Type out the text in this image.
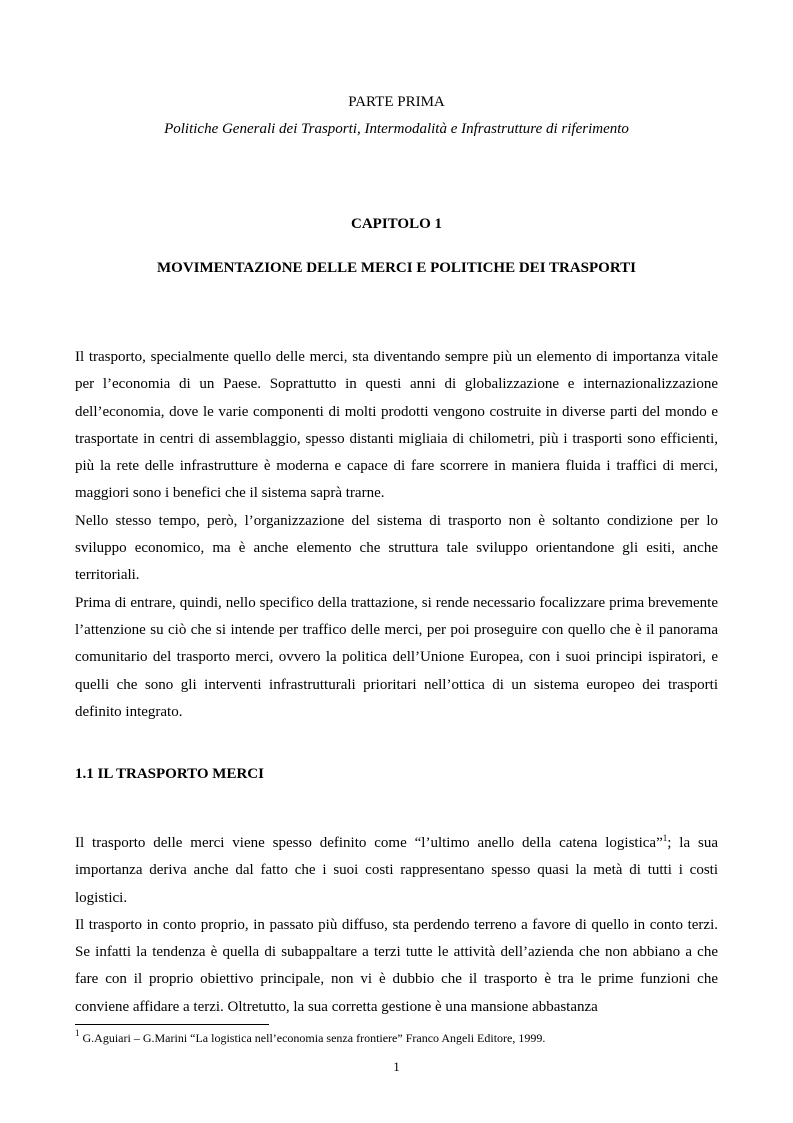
PARTE PRIMA
Politiche Generali dei Trasporti, Intermodalità e Infrastrutture di riferimento
CAPITOLO 1
MOVIMENTAZIONE DELLE MERCI E POLITICHE DEI TRASPORTI

Il trasporto, specialmente quello delle merci, sta diventando sempre più un elemento di importanza vitale per l’economia di un Paese. Soprattutto in questi anni di globalizzazione e internazionalizzazione dell’economia, dove le varie componenti di molti prodotti vengono costruite in diverse parti del mondo e trasportate in centri di assemblaggio, spesso distanti migliaia di chilometri, più i trasporti sono efficienti, più la rete delle infrastrutture è moderna e capace di fare scorrere in maniera fluida i traffici di merci, maggiori sono i benefici che il sistema saprà trarne.

Nello stesso tempo, però, l’organizzazione del sistema di trasporto non è soltanto condizione per lo sviluppo economico, ma è anche elemento che struttura tale sviluppo orientandone gli esiti, anche territoriali.

Prima di entrare, quindi, nello specifico della trattazione, si rende necessario focalizzare prima brevemente l’attenzione su ciò che si intende per traffico delle merci, per poi proseguire con quello che è il panorama comunitario del trasporto merci, ovvero la politica dell’Unione Europea, con i suoi principi ispiratori, e quelli che sono gli interventi infrastrutturali prioritari nell’ottica di un sistema europeo dei trasporti definito integrato.

1.1 IL TRASPORTO MERCI

Il trasporto delle merci viene spesso definito come “l’ultimo anello della catena logistica”$^1$; la sua importanza deriva anche dal fatto che i suoi costi rappresentano spesso quasi la metà di tutti i costi logistici.

Il trasporto in conto proprio, in passato più diffuso, sta perdendo terreno a favore di quello in conto terzi. Se infatti la tendenza è quella di subappaltare a terzi tutte le attività dell’azienda che non abbiano a che fare con il proprio obiettivo principale, non vi è dubbio che il trasporto è tra le prime funzioni che conviene affidare a terzi. Oltretutto, la sua corretta gestione è una mansione abbastanza

$^1$ G.Aguiari – G.Marini “La logistica nell’economia senza frontiere” Franco Angeli Editore, 1999.
1
